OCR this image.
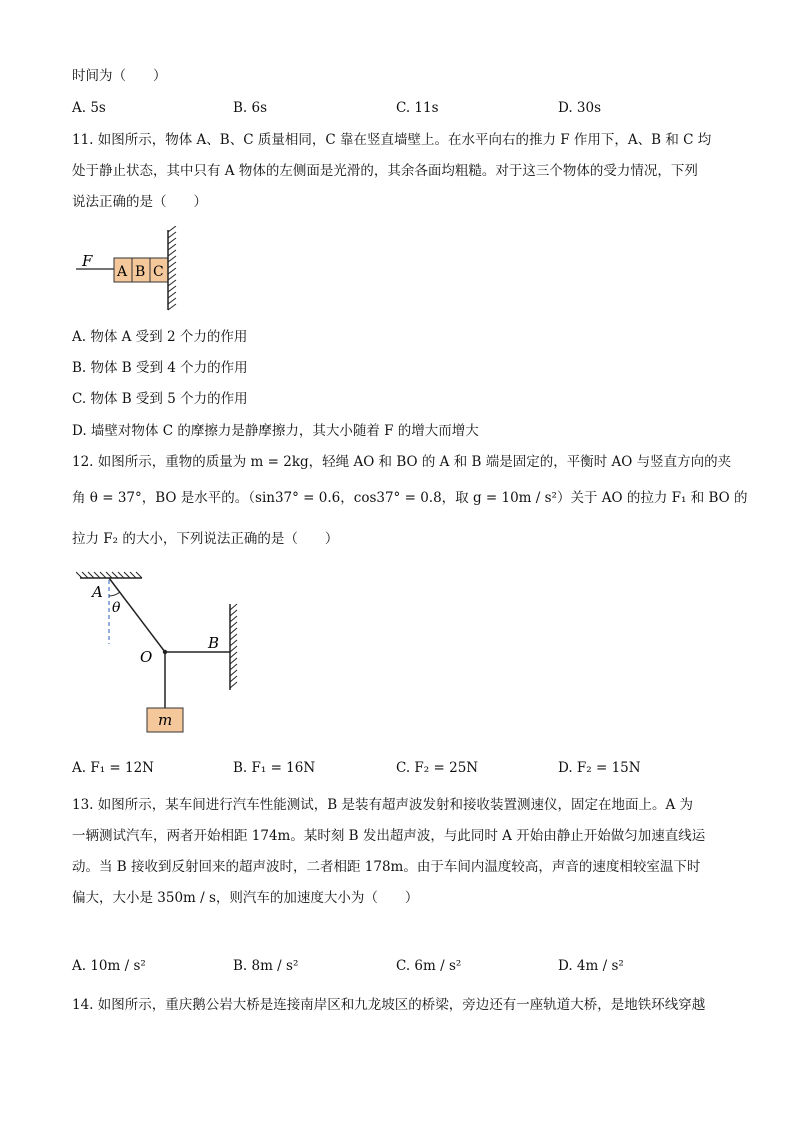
时间为（　　）
A. 5s	B. 6s	C. 11s	D. 30s
11. 如图所示，物体 A、B、C 质量相同，C 靠在竖直墙壁上。在水平向右的推力 F 作用下，A、B 和 C 均
处于静止状态，其中只有 A 物体的左侧面是光滑的，其余各面均粗糙。对于这三个物体的受力情况，下列
说法正确的是（　　）
F
A B C
A. 物体 A 受到 2 个力的作用
B. 物体 B 受到 4 个力的作用
C. 物体 B 受到 5 个力的作用
D. 墙壁对物体 C 的摩擦力是静摩擦力，其大小随着 F 的增大而增大
12. 如图所示，重物的质量为 m = 2kg，轻绳 AO 和 BO 的 A 和 B 端是固定的，平衡时 AO 与竖直方向的夹
角 θ = 37°，BO 是水平的。（sin37° = 0.6，cos37° = 0.8，取 g = 10m / s²）关于 AO 的拉力 F₁ 和 BO 的
拉力 F₂ 的大小，下列说法正确的是（　　）
m
A
θ
O
B
A. F₁ = 12N	B. F₁ = 16N	C. F₂ = 25N	D. F₂ = 15N
13. 如图所示，某车间进行汽车性能测试，B 是装有超声波发射和接收装置测速仪，固定在地面上。A 为
一辆测试汽车，两者开始相距 174m。某时刻 B 发出超声波，与此同时 A 开始由静止开始做匀加速直线运
动。当 B 接收到反射回来的超声波时，二者相距 178m。由于车间内温度较高，声音的速度相较室温下时
偏大，大小是 350m / s，则汽车的加速度大小为（　　）
A. 10m / s²	B. 8m / s²	C. 6m / s²	D. 4m / s²
14. 如图所示，重庆鹅公岩大桥是连接南岸区和九龙坡区的桥梁，旁边还有一座轨道大桥，是地铁环线穿越
